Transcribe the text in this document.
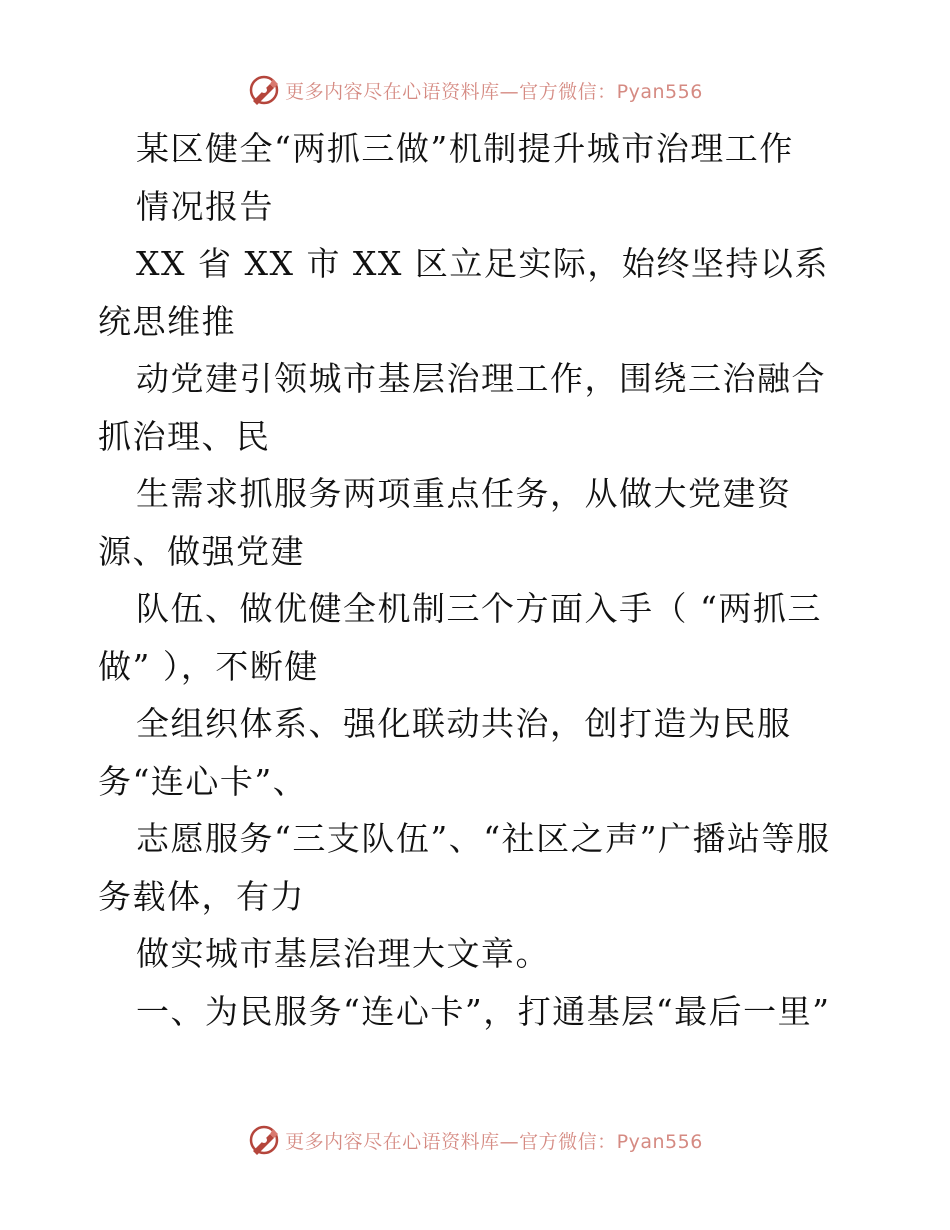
更多内容尽在心语资料库—官方微信：Pyan556

某区健全“两抓三做”机制提升城市治理工作

情况报告

XX 省 XX 市 XX 区立足实际，始终坚持以系统思维推

动党建引领城市基层治理工作，围绕三治融合抓治理、民

生需求抓服务两项重点任务，从做大党建资源、做强党建

队伍、做优健全机制三个方面入手（ “两抓三做” ），不断健

全组织体系、强化联动共治，创打造为民服务“连心卡”、

志愿服务“三支队伍”、“社区之声”广播站等服务载体，有力

做实城市基层治理大文章。

一、为民服务“连心卡”，打通基层“最后一里”

更多内容尽在心语资料库—官方微信：Pyan556
